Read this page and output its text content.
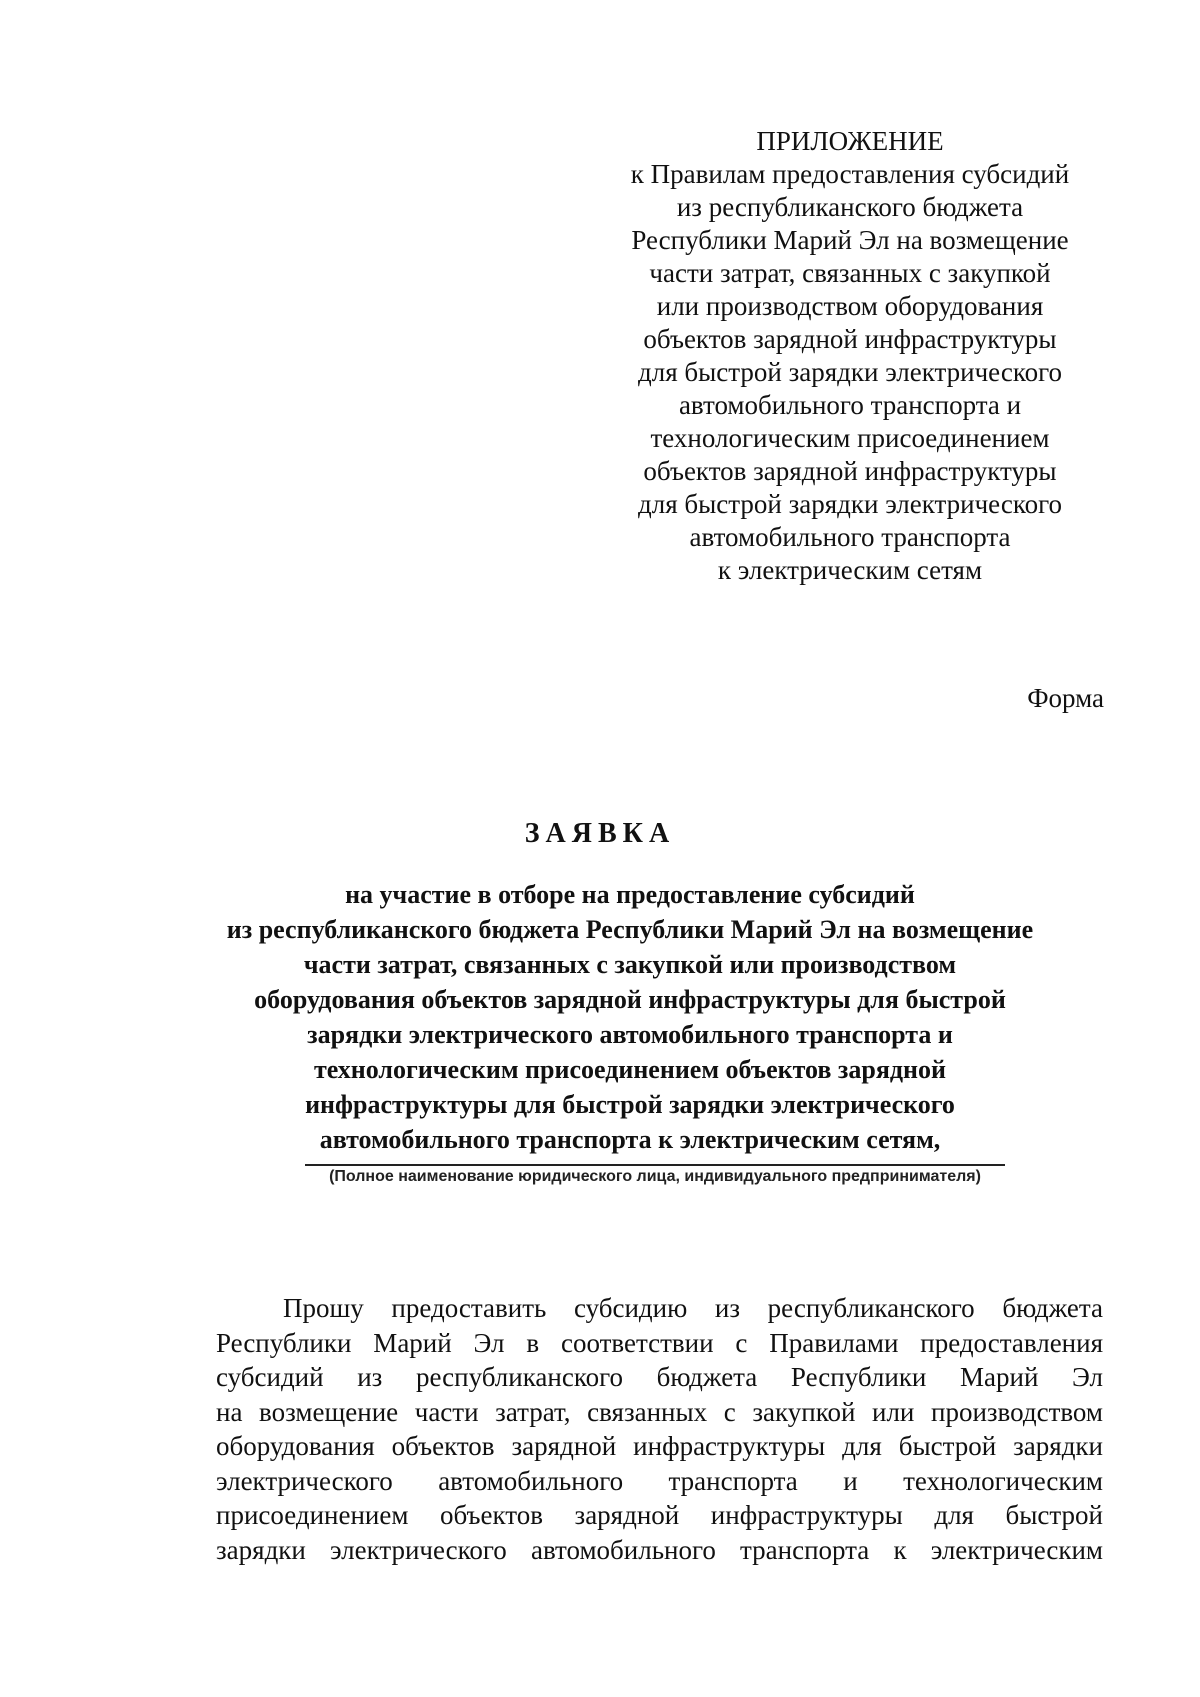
ПРИЛОЖЕНИЕ
к Правилам предоставления субсидий
из республиканского бюджета
Республики Марий Эл на возмещение
части затрат, связанных с закупкой
или производством оборудования
объектов зарядной инфраструктуры
для быстрой зарядки электрического
автомобильного транспорта и
технологическим присоединением
объектов зарядной инфраструктуры
для быстрой зарядки электрического
автомобильного транспорта
к электрическим сетям
Форма
ЗАЯВКА
на участие в отборе на предоставление субсидий
из республиканского бюджета Республики Марий Эл на возмещение
части затрат, связанных с закупкой или производством
оборудования объектов зарядной инфраструктуры для быстрой
зарядки электрического автомобильного транспорта и
технологическим присоединением объектов зарядной
инфраструктуры для быстрой зарядки электрического
автомобильного транспорта к электрическим сетям,
(Полное наименование юридического лица, индивидуального предпринимателя)
Прошу предоставить субсидию из республиканского бюджета
Республики Марий Эл в соответствии с Правилами предоставления
субсидий из республиканского бюджета Республики Марий Эл
на возмещение части затрат, связанных с закупкой или производством
оборудования объектов зарядной инфраструктуры для быстрой зарядки
электрического автомобильного транспорта и технологическим
присоединением объектов зарядной инфраструктуры для быстрой
зарядки электрического автомобильного транспорта к электрическим
